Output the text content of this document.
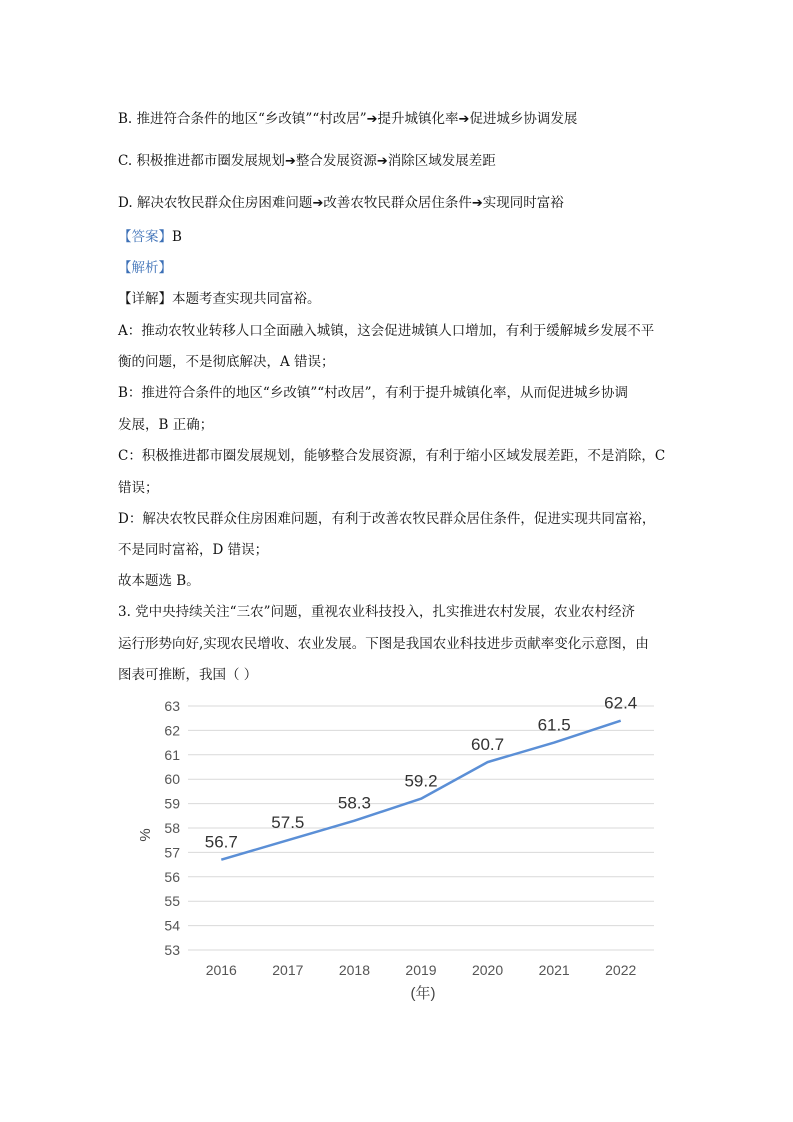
B. 推进符合条件的地区“乡改镇”“村改居”➔提升城镇化率➔促进城乡协调发展
C. 积极推进都市圈发展规划➔整合发展资源➔消除区域发展差距
D. 解决农牧民群众住房困难问题➔改善农牧民群众居住条件➔实现同时富裕
【答案】B
【解析】
【详解】本题考查实现共同富裕。
A：推动农牧业转移人口全面融入城镇，这会促进城镇人口增加，有利于缓解城乡发展不平
衡的问题，不是彻底解决，A 错误；
B：推进符合条件的地区“乡改镇”“村改居”，有利于提升城镇化率，从而促进城乡协调
发展，B 正确；
C：积极推进都市圈发展规划，能够整合发展资源，有利于缩小区域发展差距，不是消除，C
错误；
D：解决农牧民群众住房困难问题，有利于改善农牧民群众居住条件，促进实现共同富裕，
不是同时富裕，D 错误；
故本题选 B。
3. 党中央持续关注“三农”问题，重视农业科技投入，扎实推进农村发展，农业农村经济
运行形势向好,实现农民增收、农业发展。下图是我国农业科技进步贡献率变化示意图，由
图表可推断，我国（ ）
53
54
55
56
57
58
59
60
61
62
63
2016	2017	2018	2019	2020	2021	2022
56.7
57.5
58.3
59.2
60.7
61.5
62.4
%
(年)
